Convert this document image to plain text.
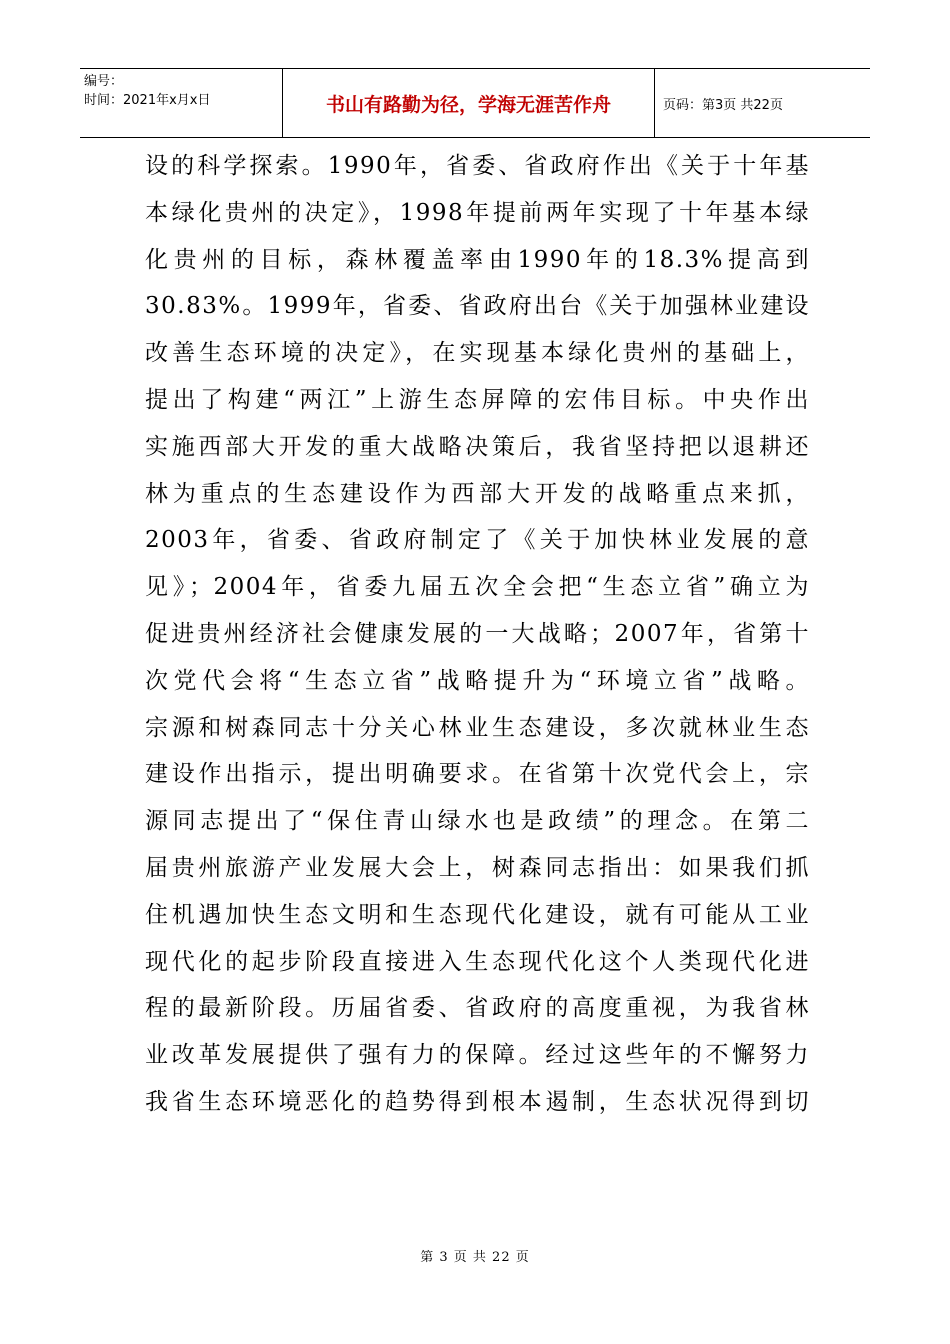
编号：
时间：2021年x月x日	书山有路勤为径，学海无涯苦作舟	页码：第3页 共22页
设的科学探索。1990年，省委、省政府作出《关于十年基
本绿化贵州的决定》，1998年提前两年实现了十年基本绿
化贵州的目标，森林覆盖率由1990年的18.3%提高到
30.83%。1999年，省委、省政府出台《关于加强林业建设
改善生态环境的决定》，在实现基本绿化贵州的基础上，
提出了构建“两江”上游生态屏障的宏伟目标。中央作出
实施西部大开发的重大战略决策后，我省坚持把以退耕还
林为重点的生态建设作为西部大开发的战略重点来抓，
2003年，省委、省政府制定了《关于加快林业发展的意
见》；2004年，省委九届五次全会把“生态立省”确立为
促进贵州经济社会健康发展的一大战略；2007年，省第十
次党代会将“生态立省”战略提升为“环境立省”战略。
宗源和树森同志十分关心林业生态建设，多次就林业生态
建设作出指示，提出明确要求。在省第十次党代会上，宗
源同志提出了“保住青山绿水也是政绩”的理念。在第二
届贵州旅游产业发展大会上，树森同志指出：如果我们抓
住机遇加快生态文明和生态现代化建设，就有可能从工业
现代化的起步阶段直接进入生态现代化这个人类现代化进
程的最新阶段。历届省委、省政府的高度重视，为我省林
业改革发展提供了强有力的保障。经过这些年的不懈努力
我省生态环境恶化的趋势得到根本遏制，生态状况得到切
第 3 页 共 22 页
